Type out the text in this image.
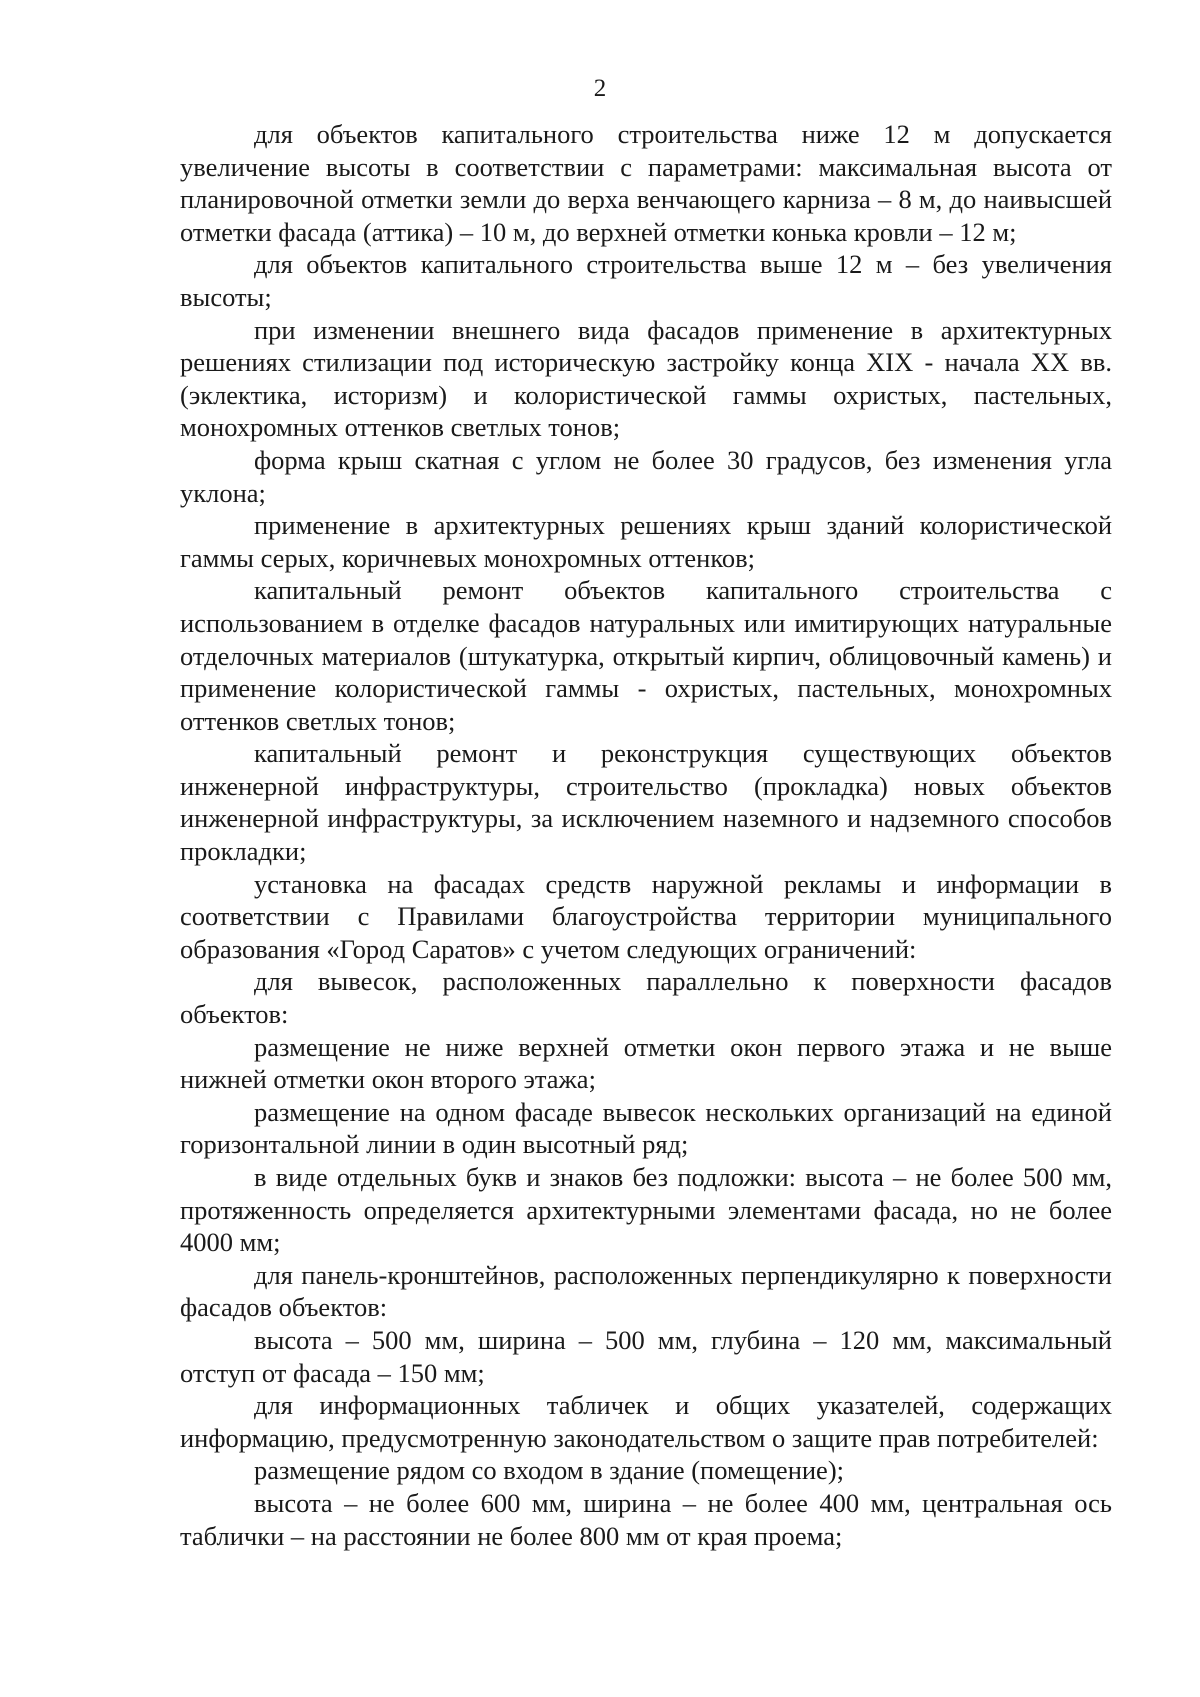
2

для объектов капитального строительства ниже 12 м допускается увеличение высоты в соответствии с параметрами: максимальная высота от планировочной отметки земли до верха венчающего карниза – 8 м, до наивысшей отметки фасада (аттика) – 10 м, до верхней отметки конька кровли – 12 м;

для объектов капитального строительства выше 12 м – без увеличения высоты;

при изменении внешнего вида фасадов применение в архитектурных решениях стилизации под историческую застройку конца XIX - начала XX вв. (эклектика, историзм) и колористической гаммы охристых, пастельных, монохромных оттенков светлых тонов;

форма крыш скатная с углом не более 30 градусов, без изменения угла уклона;

применение в архитектурных решениях крыш зданий колористической гаммы серых, коричневых монохромных оттенков;

капитальный ремонт объектов капитального строительства с использованием в отделке фасадов натуральных или имитирующих натуральные отделочных материалов (штукатурка, открытый кирпич, облицовочный камень) и применение колористической гаммы - охристых, пастельных, монохромных оттенков светлых тонов;

капитальный ремонт и реконструкция существующих объектов инженерной инфраструктуры, строительство (прокладка) новых объектов инженерной инфраструктуры, за исключением наземного и надземного способов прокладки;

установка на фасадах средств наружной рекламы и информации в соответствии с Правилами благоустройства территории муниципального образования «Город Саратов» с учетом следующих ограничений:

для вывесок, расположенных параллельно к поверхности фасадов объектов:

размещение не ниже верхней отметки окон первого этажа и не выше нижней отметки окон второго этажа;

размещение на одном фасаде вывесок нескольких организаций на единой горизонтальной линии в один высотный ряд;

в виде отдельных букв и знаков без подложки: высота – не более 500 мм, протяженность определяется архитектурными элементами фасада, но не более 4000 мм;

для панель-кронштейнов, расположенных перпендикулярно к поверхности фасадов объектов:

высота – 500 мм, ширина – 500 мм, глубина – 120 мм, максимальный отступ от фасада – 150 мм;

для информационных табличек и общих указателей, содержащих информацию, предусмотренную законодательством о защите прав потребителей:

размещение рядом со входом в здание (помещение);

высота – не более 600 мм, ширина – не более 400 мм, центральная ось таблички – на расстоянии не более 800 мм от края проема;
